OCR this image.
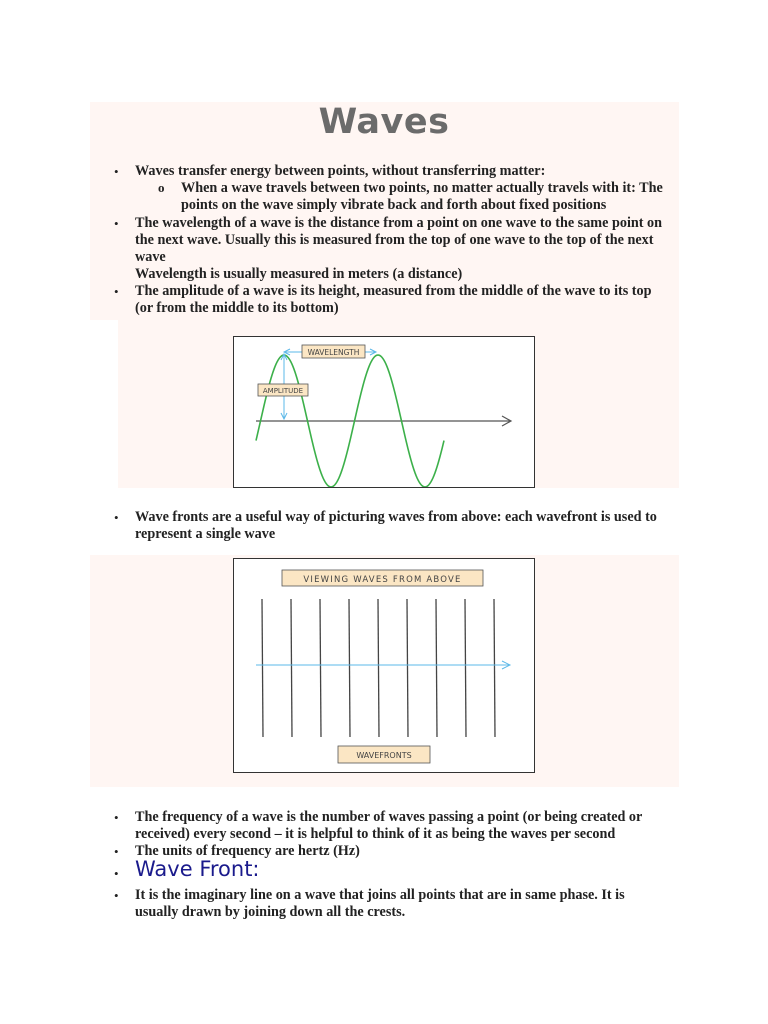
Waves
• Waves transfer energy between points, without transferring matter:
o When a wave travels between two points, no matter actually travels with it: The
points on the wave simply vibrate back and forth about fixed positions
• The wavelength of a wave is the distance from a point on one wave to the same point on
the next wave. Usually this is measured from the top of one wave to the top of the next
wave
Wavelength is usually measured in meters (a distance)
• The amplitude of a wave is its height, measured from the middle of the wave to its top
(or from the middle to its bottom)
WAVELENGTH
AMPLITUDE
• Wave fronts are a useful way of picturing waves from above: each wavefront is used to
represent a single wave
VIEWING WAVES FROM ABOVE
WAVEFRONTS
• The frequency of a wave is the number of waves passing a point (or being created or
received) every second – it is helpful to think of it as being the waves per second
• The units of frequency are hertz (Hz)
• Wave Front:
• It is the imaginary line on a wave that joins all points that are in same phase. It is
usually drawn by joining down all the crests.
